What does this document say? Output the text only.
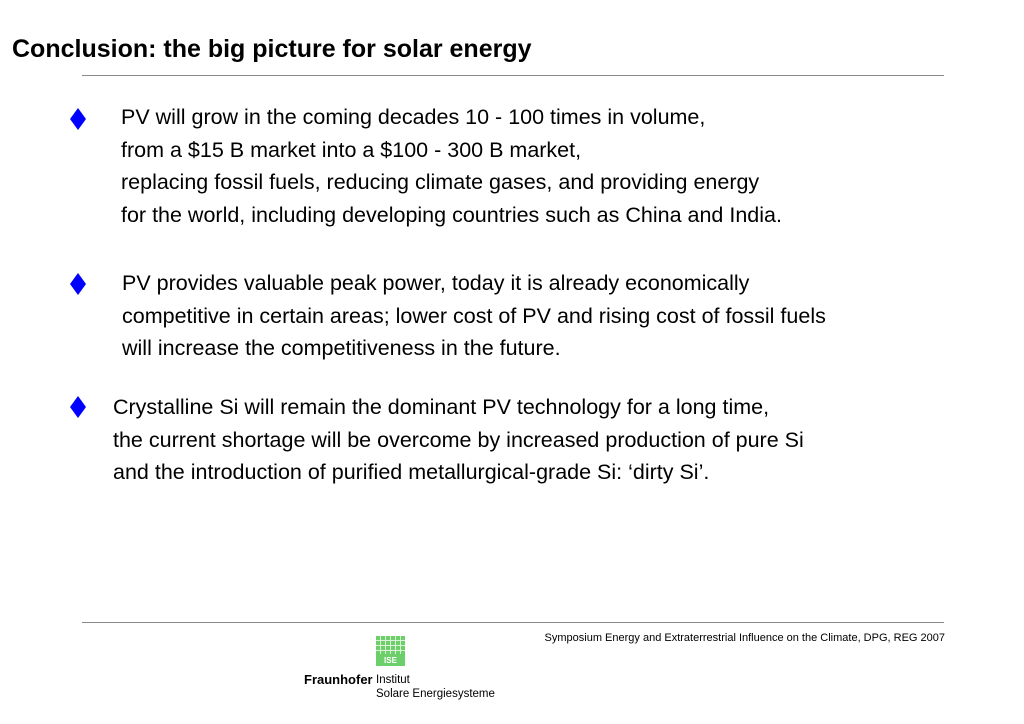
Conclusion: the big picture for solar energy
PV will grow in the coming decades 10 - 100 times in volume,
from a $15 B market into a $100 - 300 B market,
replacing fossil fuels, reducing climate gases, and providing energy
for the world, including developing countries such as China and India.
PV provides valuable peak power, today it is already economically
competitive in certain areas; lower cost of PV and rising cost of fossil fuels
will increase the competitiveness in the future.
Crystalline Si will remain the dominant PV technology for a long time,
the current shortage will be overcome by increased production of pure Si
and the introduction of purified metallurgical-grade Si: ‘dirty Si’.
Symposium Energy and Extraterrestrial Influence on the Climate, DPG, REG 2007
ISE
Fraunhofer Institut
Solare Energiesysteme
